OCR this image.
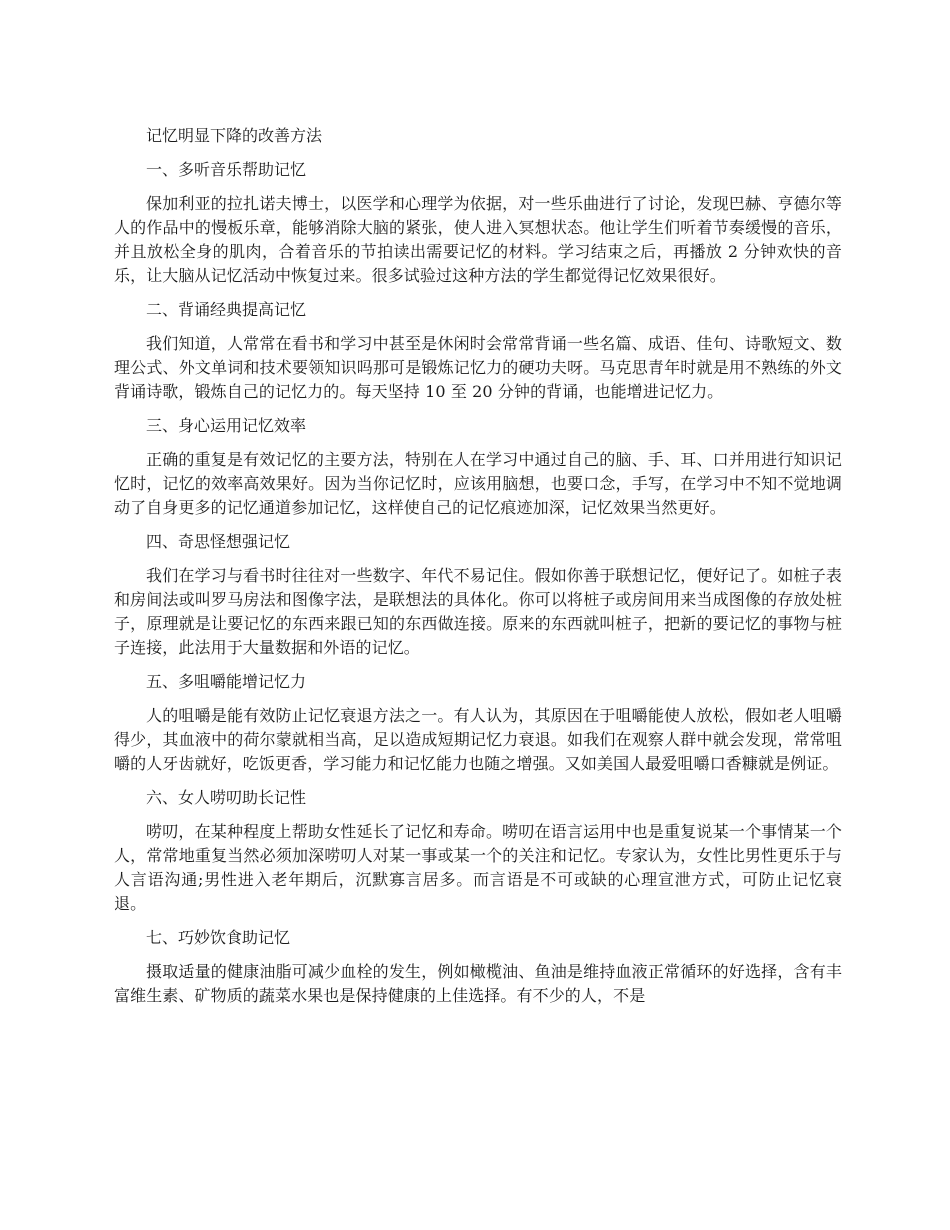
记忆明显下降的改善方法
一、多听音乐帮助记忆

保加利亚的拉扎诺夫博士，以医学和心理学为依据，对一些乐曲进行了讨论，发现巴赫、亨德尔等人的作品中的慢板乐章，能够消除大脑的紧张，使人进入冥想状态。他让学生们听着节奏缓慢的音乐，并且放松全身的肌肉，合着音乐的节拍读出需要记忆的材料。学习结束之后，再播放 2 分钟欢快的音乐，让大脑从记忆活动中恢复过来。很多试验过这种方法的学生都觉得记忆效果很好。

二、背诵经典提高记忆

我们知道，人常常在看书和学习中甚至是休闲时会常常背诵一些名篇、成语、佳句、诗歌短文、数理公式、外文单词和技术要领知识吗那可是锻炼记忆力的硬功夫呀。马克思青年时就是用不熟练的外文背诵诗歌，锻炼自己的记忆力的。每天坚持 10 至 20 分钟的背诵，也能增进记忆力。

三、身心运用记忆效率

正确的重复是有效记忆的主要方法，特别在人在学习中通过自己的脑、手、耳、口并用进行知识记忆时，记忆的效率高效果好。因为当你记忆时，应该用脑想，也要口念，手写，在学习中不知不觉地调动了自身更多的记忆通道参加记忆，这样使自己的记忆痕迹加深，记忆效果当然更好。

四、奇思怪想强记忆

我们在学习与看书时往往对一些数字、年代不易记住。假如你善于联想记忆，便好记了。如桩子表和房间法或叫罗马房法和图像字法，是联想法的具体化。你可以将桩子或房间用来当成图像的存放处桩子，原理就是让要记忆的东西来跟已知的东西做连接。原来的东西就叫桩子，把新的要记忆的事物与桩子连接，此法用于大量数据和外语的记忆。

五、多咀嚼能增记忆力

人的咀嚼是能有效防止记忆衰退方法之一。有人认为，其原因在于咀嚼能使人放松，假如老人咀嚼得少，其血液中的荷尔蒙就相当高，足以造成短期记忆力衰退。如我们在观察人群中就会发现，常常咀嚼的人牙齿就好，吃饭更香，学习能力和记忆能力也随之增强。又如美国人最爱咀嚼口香糠就是例证。

六、女人唠叨助长记性

唠叨，在某种程度上帮助女性延长了记忆和寿命。唠叨在语言运用中也是重复说某一个事情某一个人，常常地重复当然必须加深唠叨人对某一事或某一个的关注和记忆。专家认为，女性比男性更乐于与人言语沟通;男性进入老年期后，沉默寡言居多。而言语是不可或缺的心理宣泄方式，可防止记忆衰退。

七、巧妙饮食助记忆

摄取适量的健康油脂可减少血栓的发生，例如橄榄油、鱼油是维持血液正常循环的好选择，含有丰富维生素、矿物质的蔬菜水果也是保持健康的上佳选择。有不少的人，不是
